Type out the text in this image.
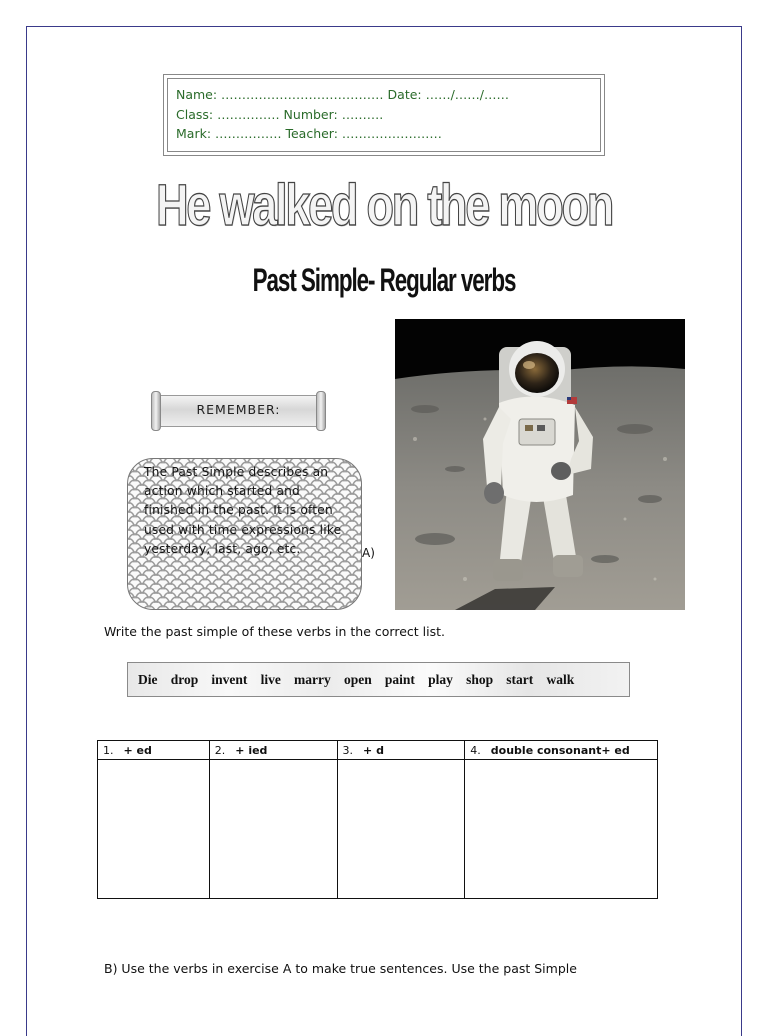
Name: ………………………………… Date: ……/……/……
Class: …………… Number: ……….
Mark: ……………. Teacher: ……………………
He walked on the moon
Past Simple- Regular verbs
REMEMBER:
The Past Simple describes an action which started and finished in the past. It is often used with time expressions like yesterday, last, ago, etc.	A)
Write the past simple of these verbs in the correct list.
Die drop invent live marry open paint play shop start walk
1. + ed	2. + ied	3. + d	4. double consonant+ ed

B) Use the verbs in exercise A to make true sentences. Use the past Simple
